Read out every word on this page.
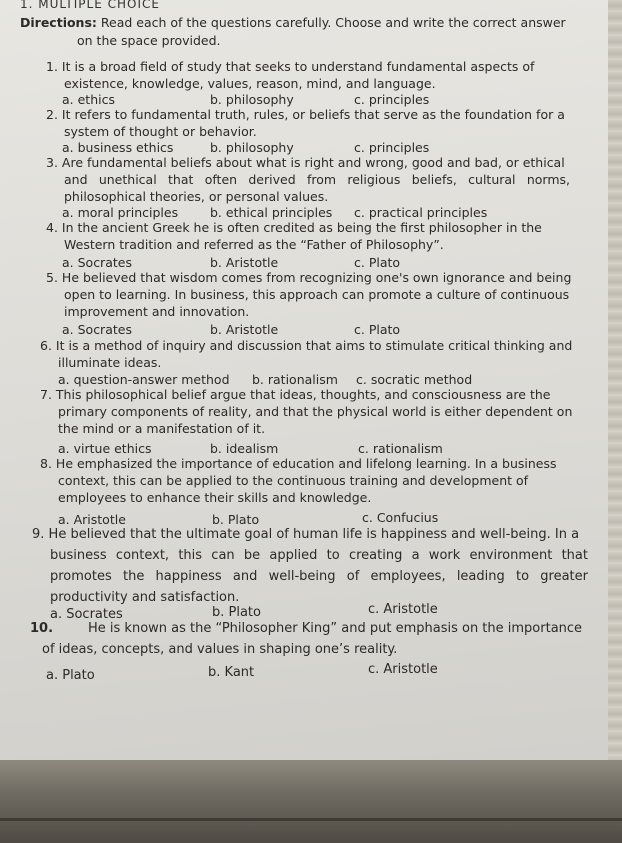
1. MULTIPLE CHOICE

Directions: Read each of the questions carefully. Choose and write the correct answer
on the space provided.

1. It is a broad field of study that seeks to understand fundamental aspects of
existence, knowledge, values, reason, mind, and language.

a. ethics	b. philosophy	c. principles

2. It refers to fundamental truth, rules, or beliefs that serve as the foundation for a
system of thought or behavior.

a. business ethics	b. philosophy	c. principles

3. Are fundamental beliefs about what is right and wrong, good and bad, or ethical
and unethical that often derived from religious beliefs, cultural norms,
philosophical theories, or personal values.

a. moral principles	b. ethical principles c. practical principles

4. In the ancient Greek he is often credited as being the first philosopher in the
Western tradition and referred as the “Father of Philosophy”.

a. Socrates	b. Aristotle	c. Plato

5. He believed that wisdom comes from recognizing one's own ignorance and being
open to learning. In business, this approach can promote a culture of continuous
improvement and innovation.

a. Socrates	b. Aristotle	c. Plato

6. It is a method of inquiry and discussion that aims to stimulate critical thinking and
illuminate ideas.

a. question-answer method b. rationalism c. socratic method

7. This philosophical belief argue that ideas, thoughts, and consciousness are the
primary components of reality, and that the physical world is either dependent on
the mind or a manifestation of it.

a. virtue ethics	b. idealism	c. rationalism

8. He emphasized the importance of education and lifelong learning. In a business
context, this can be applied to the continuous training and development of
employees to enhance their skills and knowledge.

a. Aristotle	b. Plato	c. Confucius

9. He believed that the ultimate goal of human life is happiness and well-being. In a
business context, this can be applied to creating a work environment that
promotes the happiness and well-being of employees, leading to greater
productivity and satisfaction.

a. Socrates	b. Plato	c. Aristotle

10.	He is known as the “Philosopher King” and put emphasis on the importance
of ideas, concepts, and values in shaping one’s reality.

a. Plato	b. Kant	c. Aristotle
